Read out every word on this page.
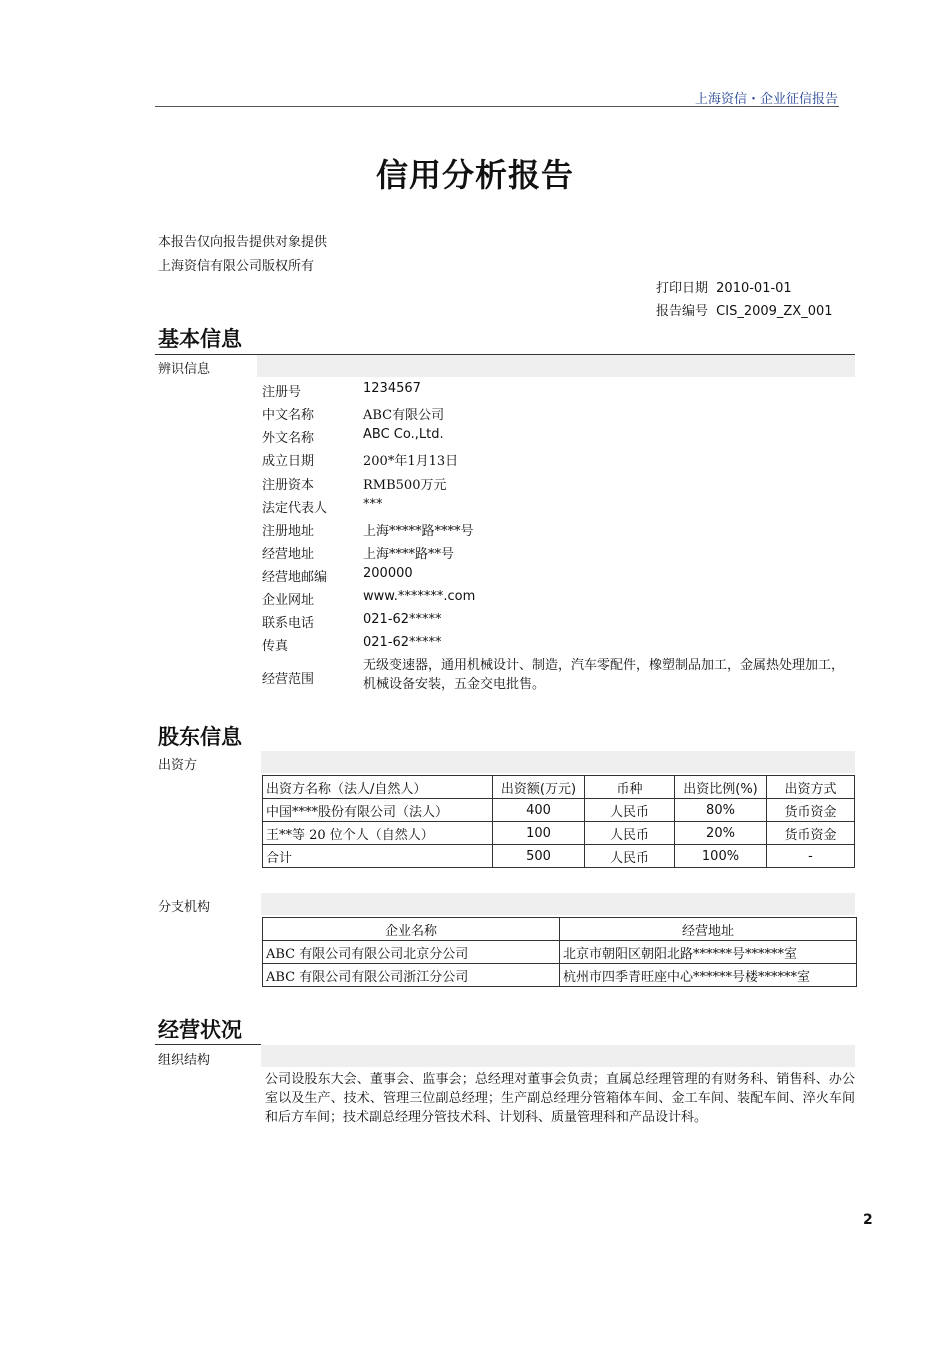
上海资信・企业征信报告
信用分析报告
本报告仅向报告提供对象提供
上海资信有限公司版权所有
打印日期 2010-01-01
报告编号 CIS_2009_ZX_001
基本信息
辨识信息
注册号	1234567
中文名称	ABC有限公司
外文名称	ABC Co.,Ltd.
成立日期	200*年1月13日
注册资本	RMB500万元
法定代表人	***
注册地址	上海*****路****号
经营地址	上海****路**号
经营地邮编	200000
企业网址	www.*******.com
联系电话	021-62*****
传真	021-62*****
经营范围
无级变速器，通用机械设计、制造，汽车零配件，橡塑制品加工，金属热处理加工，机械设备安装，五金交电批售。
股东信息
出资方
出资方名称（法人/自然人）	出资额(万元)	币种	出资比例(%)	出资方式
中国****股份有限公司（法人）	400	人民币	80%	货币资金
王**等 20 位个人（自然人）	100	人民币	20%	货币资金
合计	500	人民币	100%	-
分支机构
企业名称	经营地址
ABC 有限公司有限公司北京分公司	北京市朝阳区朝阳北路******号******室
ABC 有限公司有限公司浙江分公司	杭州市四季青旺座中心******号楼******室
经营状况
组织结构
公司设股东大会、董事会、监事会；总经理对董事会负责；直属总经理管理的有财务科、销售科、办公室以及生产、技术、管理三位副总经理；生产副总经理分管箱体车间、金工车间、装配车间、淬火车间和后方车间；技术副总经理分管技术科、计划科、质量管理科和产品设计科。
2
